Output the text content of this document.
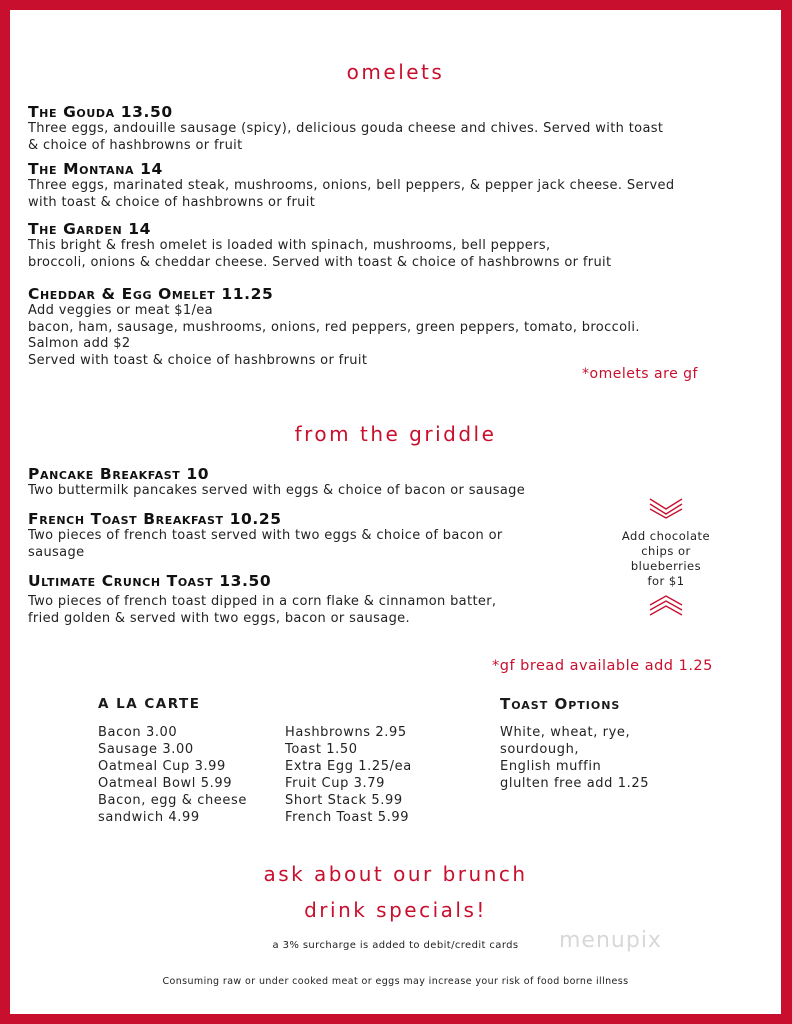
omelets
The Gouda 13.50
Three eggs, andouille sausage (spicy), delicious gouda cheese and chives. Served with toast
& choice of hashbrowns or fruit
The Montana 14
Three eggs, marinated steak, mushrooms, onions, bell peppers, & pepper jack cheese. Served
with toast & choice of hashbrowns or fruit
The Garden 14
This bright & fresh omelet is loaded with spinach, mushrooms, bell peppers,
broccoli, onions & cheddar cheese. Served with toast & choice of hashbrowns or fruit
Cheddar & Egg Omelet 11.25
Add veggies or meat $1/ea
bacon, ham, sausage, mushrooms, onions, red peppers, green peppers, tomato, broccoli.
Salmon add $2
Served with toast & choice of hashbrowns or fruit
*omelets are gf
from the griddle
Pancake Breakfast 10
Two buttermilk pancakes served with eggs & choice of bacon or sausage
French Toast Breakfast 10.25
Two pieces of french toast served with two eggs & choice of bacon or
sausage
Ultimate Crunch Toast 13.50
Two pieces of french toast dipped in a corn flake & cinnamon batter,
fried golden & served with two eggs, bacon or sausage.
Add chocolate
chips or
blueberries
for $1
*gf bread available add 1.25
A LA CARTE
Bacon 3.00
Sausage 3.00
Oatmeal Cup 3.99
Oatmeal Bowl 5.99
Bacon, egg & cheese
sandwich 4.99
Hashbrowns 2.95
Toast 1.50
Extra Egg 1.25/ea
Fruit Cup 3.79
Short Stack 5.99
French Toast 5.99
Toast Options
White, wheat, rye,
sourdough,
English muffin
glulten free add 1.25
ask about our brunch
drink specials!
a 3% surcharge is added to debit/credit cards	menupix
Consuming raw or under cooked meat or eggs may increase your risk of food borne illness
